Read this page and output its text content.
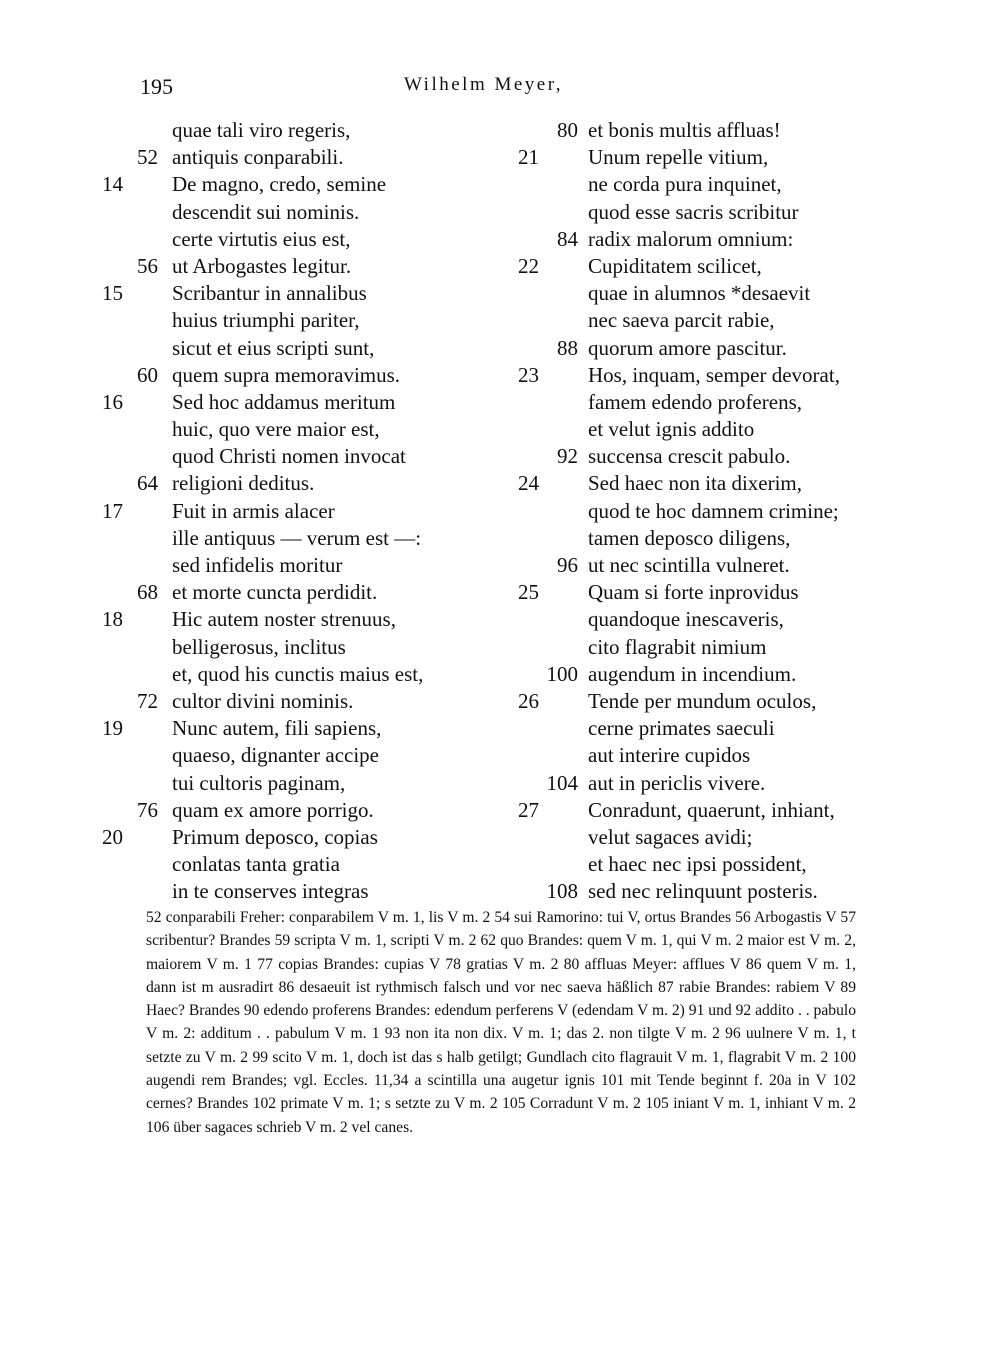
195	Wilhelm Meyer,
quae tali viro regeris,
52 antiquis conparabili.
14 De magno, credo, semine
descendit sui nominis.
certe virtutis eius est,
56 ut Arbogastes legitur.
15 Scribantur in annalibus
huius triumphi pariter,
sicut et eius scripti sunt,
60 quem supra memoravimus.
16 Sed hoc addamus meritum
huic, quo vere maior est,
quod Christi nomen invocat
64 religioni deditus.
17 Fuit in armis alacer
ille antiquus — verum est —:
sed infidelis moritur
68 et morte cuncta perdidit.
18 Hic autem noster strenuus,
belligerosus, inclitus
et, quod his cunctis maius est,
72 cultor divini nominis.
19 Nunc autem, fili sapiens,
quaeso, dignanter accipe
tui cultoris paginam,
76 quam ex amore porrigo.
20 Primum deposco, copias
conlatas tanta gratia
in te conserves integras
80 et bonis multis affluas!
21 Unum repelle vitium,
ne corda pura inquinet,
quod esse sacris scribitur
84 radix malorum omnium:
22 Cupiditatem scilicet,
quae in alumnos *desaevit
nec saeva parcit rabie,
88 quorum amore pascitur.
23 Hos, inquam, semper devorat,
famem edendo proferens,
et velut ignis addito
92 succensa crescit pabulo.
24 Sed haec non ita dixerim,
quod te hoc damnem crimine;
tamen deposco diligens,
96 ut nec scintilla vulneret.
25 Quam si forte inprovidus
quandoque inescaveris,
cito flagrabit nimium
100 augendum in incendium.
26 Tende per mundum oculos,
cerne primates saeculi
aut interire cupidos
104 aut in periclis vivere.
27 Conradunt, quaerunt, inhiant,
velut sagaces avidi;
et haec nec ipsi possident,
108 sed nec relinquunt posteris.

52 conparabili Freher: conparabilem V m. 1, lis V m. 2 54 sui Ramorino: tui V, ortus Brandes 56 Arbogastis V 57 scribentur? Brandes 59 scripta V m. 1, scripti V m. 2 62 quo Brandes: quem V m. 1, qui V m. 2 maior est V m. 2, maiorem V m. 1 77 copias Brandes: cupias V 78 gratias V m. 2 80 affluas Meyer: afflues V 86 quem V m. 1, dann ist m ausradirt 86 desaeuit ist rythmisch falsch und vor nec saeva häßlich 87 rabie Brandes: rabiem V 89 Haec? Brandes 90 edendo proferens Brandes: edendum perferens V (edendam V m. 2) 91 und 92 addito . . pabulo V m. 2: additum . . pabulum V m. 1 93 non ita non dix. V m. 1; das 2. non tilgte V m. 2 96 uulnere V m. 1, t setzte zu V m. 2 99 scito V m. 1, doch ist das s halb getilgt; Gundlach cito flagrauit V m. 1, flagrabit V m. 2 100 augendi rem Brandes; vgl. Eccles. 11,34 a scintilla una augetur ignis 101 mit Tende beginnt f. 20a in V 102 cernes? Brandes 102 primate V m. 1; s setzte zu V m. 2 105 Corradunt V m. 2 105 iniant V m. 1, inhiant V m. 2 106 über sagaces schrieb V m. 2 vel canes.
